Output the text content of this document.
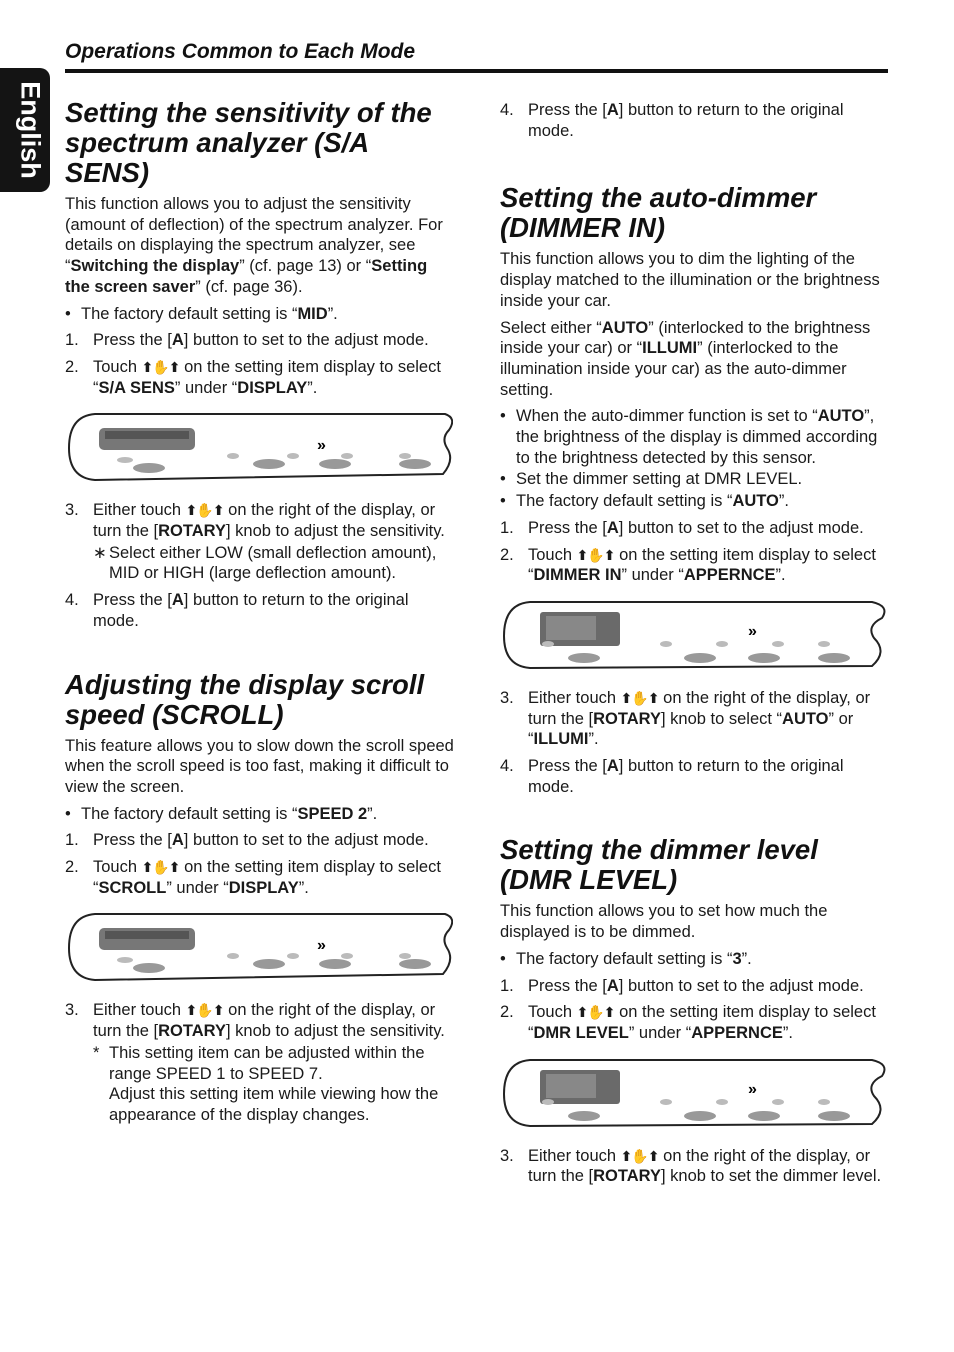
English
Operations Common to Each Mode
Setting the sensitivity of the spectrum analyzer (S/A SENS)

This function allows you to adjust the sensitivity (amount of deflection) of the spectrum analyzer. For details on displaying the spectrum analyzer, see “Switching the display” (cf. page 13) or “Setting the screen saver” (cf. page 36).

• The factory default setting is “MID”.
1. Press the [A] button to set to the adjust mode.
2. Touch ⬆✋⬆ on the setting item display to select “S/A SENS” under “DISPLAY”.
»
3. Either touch ⬆✋⬆ on the right of the display, or turn the [ROTARY] knob to adjust the sensitivity.
∗ Select either LOW (small deflection amount), MID or HIGH (large deflection amount).
4. Press the [A] button to return to the original mode.
Adjusting the display scroll speed (SCROLL)

This feature allows you to slow down the scroll speed when the scroll speed is too fast, making it difficult to view the screen.

• The factory default setting is “SPEED 2”.
1. Press the [A] button to set to the adjust mode.
2. Touch ⬆✋⬆ on the setting item display to select “SCROLL” under “DISPLAY”.
»
3. Either touch ⬆✋⬆ on the right of the display, or turn the [ROTARY] knob to adjust the sensitivity.
* This setting item can be adjusted within the range SPEED 1 to SPEED 7.
Adjust this setting item while viewing how the appearance of the display changes.
4. Press the [A] button to return to the original mode.
Setting the auto-dimmer (DIMMER IN)

This function allows you to dim the lighting of the display matched to the illumination or the brightness inside your car.

Select either “AUTO” (interlocked to the brightness inside your car) or “ILLUMI” (interlocked to the illumination inside your car) as the auto-dimmer setting.

• When the auto-dimmer function is set to “AUTO”, the brightness of the display is dimmed according to the brightness detected by this sensor.
• Set the dimmer setting at DMR LEVEL.
• The factory default setting is “AUTO”.
1. Press the [A] button to set to the adjust mode.
2. Touch ⬆✋⬆ on the setting item display to select “DIMMER IN” under “APPERNCE”.
»
3. Either touch ⬆✋⬆ on the right of the display, or turn the [ROTARY] knob to select “AUTO” or “ILLUMI”.
4. Press the [A] button to return to the original mode.
Setting the dimmer level (DMR LEVEL)

This function allows you to set how much the displayed is to be dimmed.

• The factory default setting is “3”.
1. Press the [A] button to set to the adjust mode.
2. Touch ⬆✋⬆ on the setting item display to select “DMR LEVEL” under “APPERNCE”.
»
3. Either touch ⬆✋⬆ on the right of the display, or turn the [ROTARY] knob to set the dimmer level.
